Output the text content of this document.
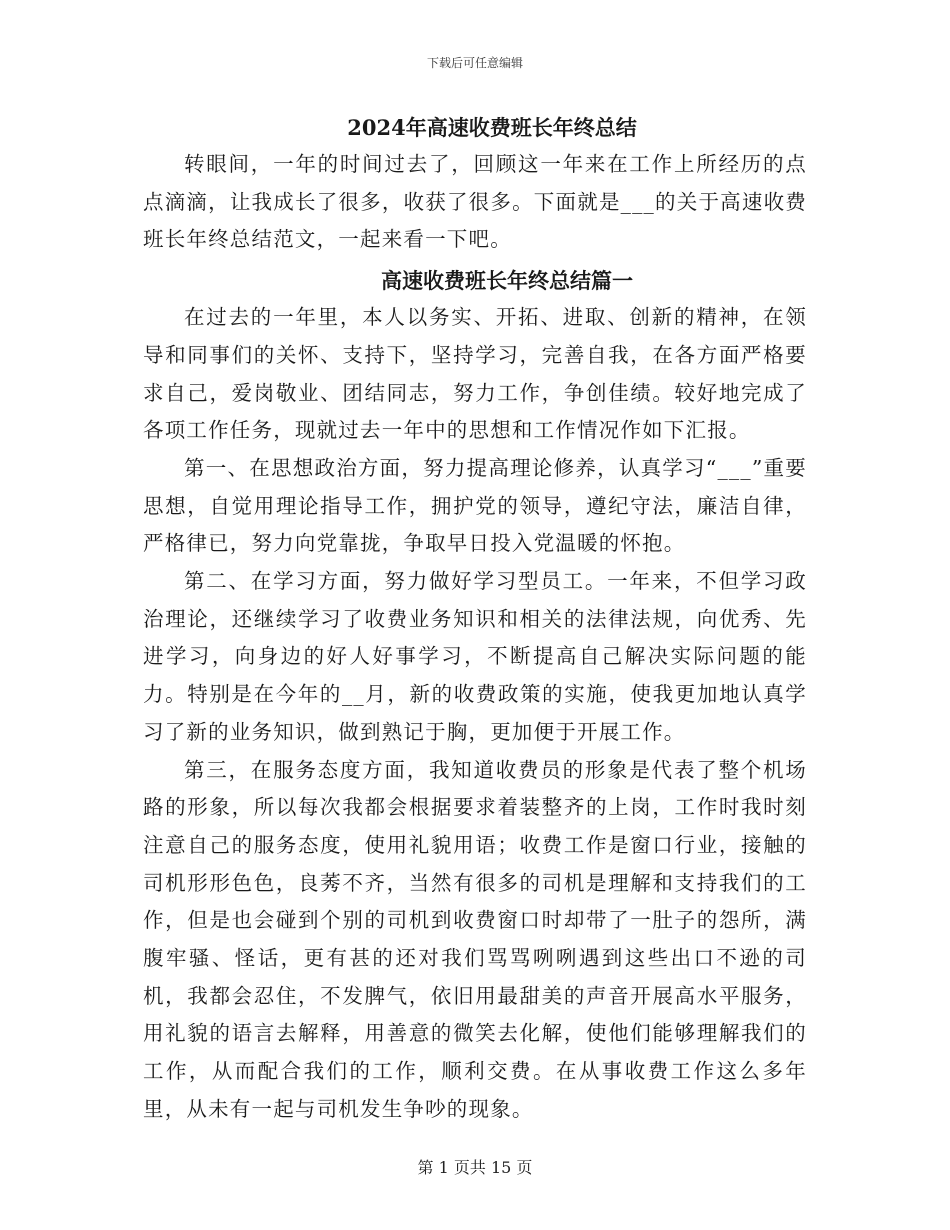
下载后可任意编辑
2024年高速收费班长年终总结

转眼间，一年的时间过去了，回顾这一年来在工作上所经历的点点滴滴，让我成长了很多，收获了很多。下面就是___的关于高速收费班长年终总结范文，一起来看一下吧。

高速收费班长年终总结篇一

在过去的一年里，本人以务实、开拓、进取、创新的精神，在领导和同事们的关怀、支持下，坚持学习，完善自我，在各方面严格要求自己，爱岗敬业、团结同志，努力工作，争创佳绩。较好地完成了各项工作任务，现就过去一年中的思想和工作情况作如下汇报。

第一、在思想政治方面，努力提高理论修养，认真学习“___”重要思想，自觉用理论指导工作，拥护党的领导，遵纪守法，廉洁自律，严格律已，努力向党靠拢，争取早日投入党温暖的怀抱。

第二、在学习方面，努力做好学习型员工。一年来，不但学习政治理论，还继续学习了收费业务知识和相关的法律法规，向优秀、先进学习，向身边的好人好事学习，不断提高自己解决实际问题的能力。特别是在今年的__月，新的收费政策的实施，使我更加地认真学习了新的业务知识，做到熟记于胸，更加便于开展工作。

第三，在服务态度方面，我知道收费员的形象是代表了整个机场路的形象，所以每次我都会根据要求着装整齐的上岗，工作时我时刻注意自己的服务态度，使用礼貌用语；收费工作是窗口行业，接触的司机形形色色，良莠不齐，当然有很多的司机是理解和支持我们的工作，但是也会碰到个别的司机到收费窗口时却带了一肚子的怨所，满腹牢骚、怪话，更有甚的还对我们骂骂咧咧遇到这些出口不逊的司机，我都会忍住，不发脾气，依旧用最甜美的声音开展高水平服务，用礼貌的语言去解释，用善意的微笑去化解，使他们能够理解我们的工作，从而配合我们的工作，顺利交费。在从事收费工作这么多年里，从未有一起与司机发生争吵的现象。

第 1 页共 15 页
